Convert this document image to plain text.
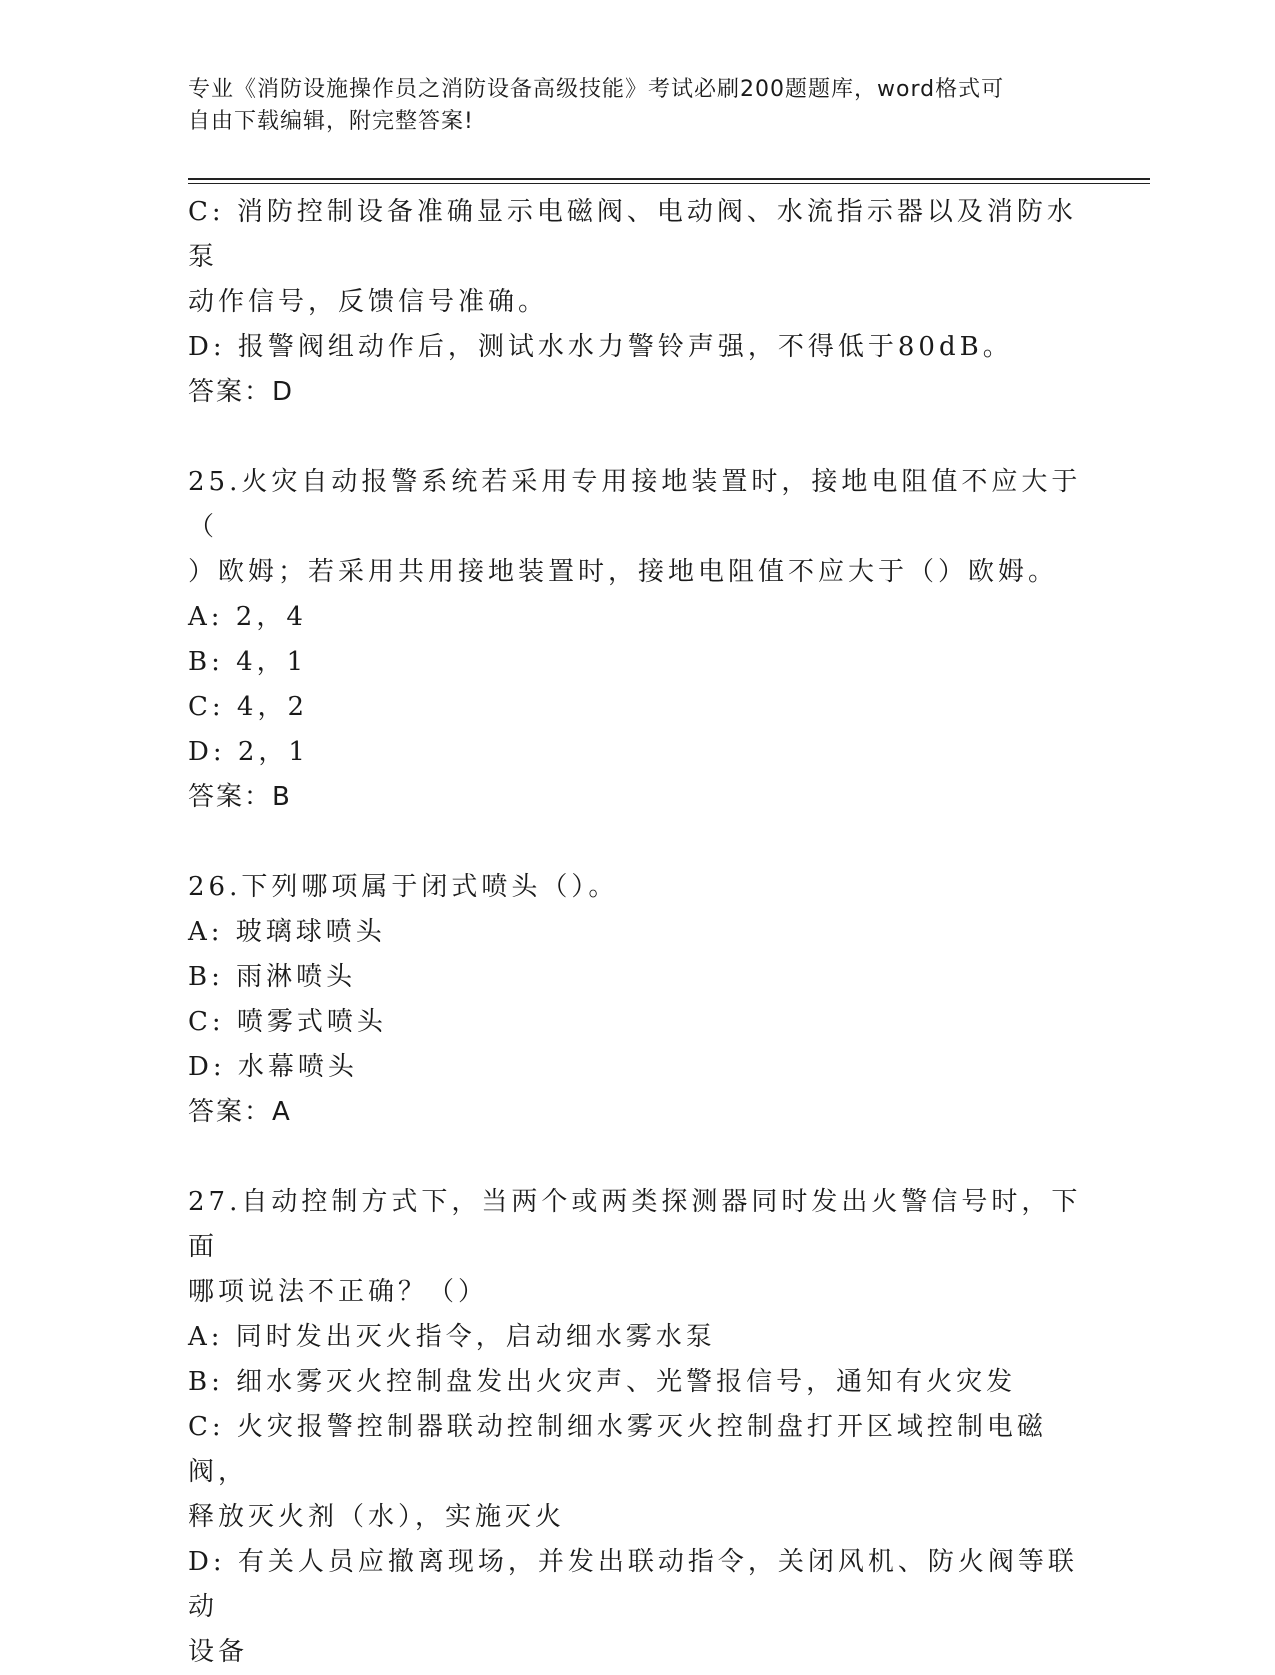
专业《消防设施操作员之消防设备高级技能》考试必刷200题题库，word格式可
自由下载编辑，附完整答案!

C: 消防控制设备准确显示电磁阀、电动阀、水流指示器以及消防水泵

动作信号，反馈信号准确。

D: 报警阀组动作后，测试水水力警铃声强，不得低于80dB。

答案：D

25.火灾自动报警系统若采用专用接地装置时，接地电阻值不应大于（

）欧姆；若采用共用接地装置时，接地电阻值不应大于（）欧姆。

A: 2，4

B: 4，1

C: 4，2

D: 2，1

答案：B

26.下列哪项属于闭式喷头（）。

A: 玻璃球喷头

B: 雨淋喷头

C: 喷雾式喷头

D: 水幕喷头

答案：A

27.自动控制方式下，当两个或两类探测器同时发出火警信号时，下面

哪项说法不正确？（）

A: 同时发出灭火指令，启动细水雾水泵

B: 细水雾灭火控制盘发出火灾声、光警报信号，通知有火灾发

C: 火灾报警控制器联动控制细水雾灭火控制盘打开区域控制电磁阀，

释放灭火剂（水），实施灭火

D: 有关人员应撤离现场，并发出联动指令，关闭风机、防火阀等联动

设备
